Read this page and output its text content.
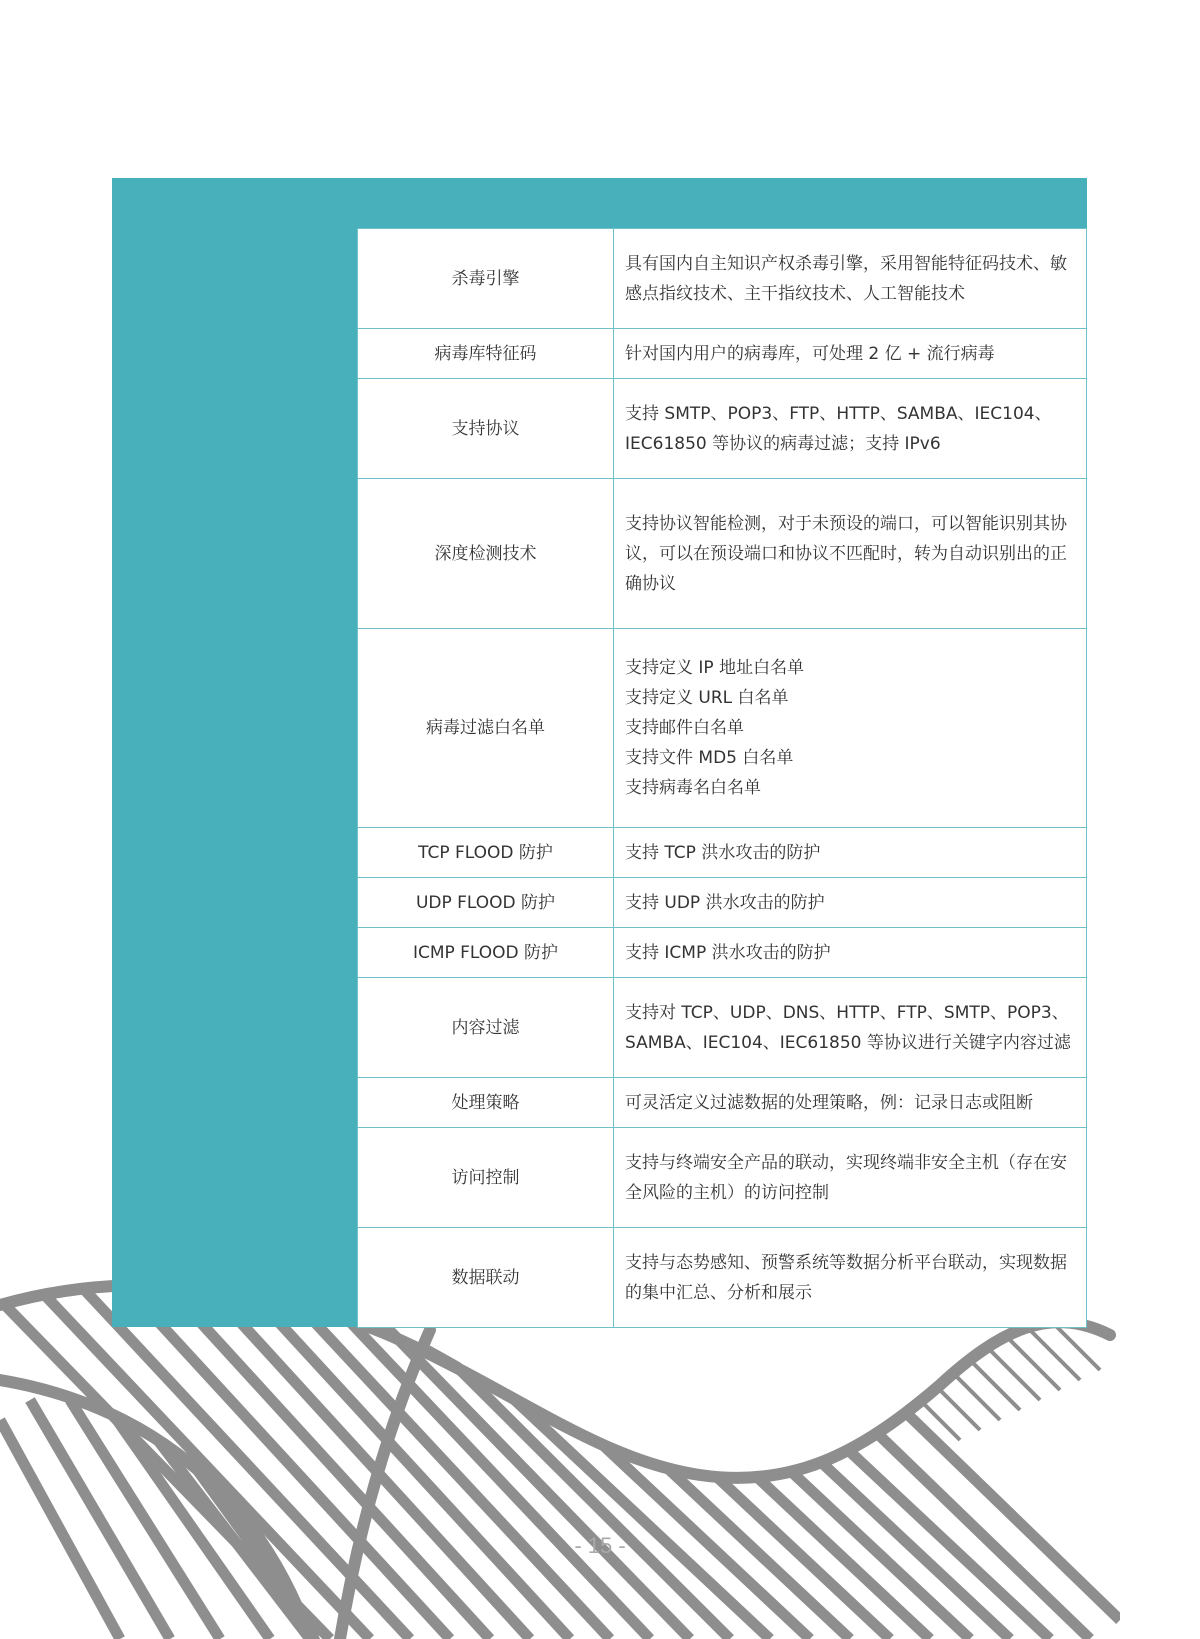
杀毒引擎	具有国内自主知识产权杀毒引擎，采用智能特征码技术、敏
感点指纹技术、主干指纹技术、人工智能技术

病毒库特征码	针对国内用户的病毒库，可处理 2 亿 + 流行病毒

支持协议	支持 SMTP、POP3、FTP、HTTP、SAMBA、IEC104、
IEC61850 等协议的病毒过滤；支持 IPv6

深度检测技术	支持协议智能检测，对于未预设的端口，可以智能识别其协
议，可以在预设端口和协议不匹配时，转为自动识别出的正
确协议

病毒过滤白名单	支持定义 IP 地址白名单
支持定义 URL 白名单
支持邮件白名单
支持文件 MD5 白名单
支持病毒名白名单

TCP FLOOD 防护	支持 TCP 洪水攻击的防护

UDP FLOOD 防护	支持 UDP 洪水攻击的防护

ICMP FLOOD 防护	支持 ICMP 洪水攻击的防护

内容过滤	支持对 TCP、UDP、DNS、HTTP、FTP、SMTP、POP3、
SAMBA、IEC104、IEC61850 等协议进行关键字内容过滤

处理策略	可灵活定义过滤数据的处理策略，例：记录日志或阻断

访问控制	支持与终端安全产品的联动，实现终端非安全主机（存在安
全风险的主机）的访问控制

数据联动	支持与态势感知、预警系统等数据分析平台联动，实现数据
的集中汇总、分析和展示
- 15 -
